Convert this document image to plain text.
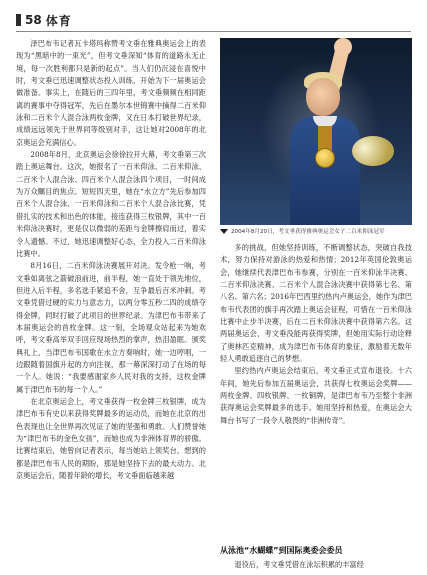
58 体育

泽巴布韦记者瓦卡塔玛称赞考文垂在雅典奥运会上的表现为“黑暗中的一束光”，但考文垂深知“体育的道路永无止境，每一次胜利都只是新的起点”。当人们仍沉浸在喜悦中时，考文垂已迅速调整状态投入训练，开始为下一届奥运会做准备。事实上，在随后的三四年里，考文垂频频在相同距离的赛事中夺得冠军，先后在墨尔本世锦赛中摘得二百米仰泳和二百米个人混合泳两枚金牌，又在日本打破世界纪录，成绩远远领先于世界同等级别对手，这让她对2008年的北京奥运会充满信心。

2008年8月，北京奥运会徐徐拉开大幕，考文垂第三次踏上奥运舞台。这次，她报名了一百米仰泳、二百米仰泳、二百米个人混合泳、四百米个人混合泳四个项目，一时间成为万众瞩目的焦点。短短四天里，她在“水立方”先后参加四百米个人混合泳、一百米仰泳和二百米个人混合泳比赛，凭借扎实的技术和出色的体能，接连获得三枚银牌，其中一百米仰泳决赛时，更是仅以微弱的差距与金牌擦肩而过，着实令人遗憾。不过，她迅速调整好心态，全力投入二百米仰泳比赛中。

8月16日，二百米仰泳决赛展开对决。发令枪一响，考文垂如离弦之箭破浪前进，前半程，她一直处于领先地位，但进入后半程，多名选手紧追不舍，互争最后百米冲刺。考文垂凭借过硬的实力与意志力，以两分零五秒二四的成绩夺得金牌，同时打破了此项目的世界纪录。为津巴布韦带来了本届奥运会的首枚金牌。这一刻，全场观众站起来为她欢呼，考文垂高举双手回应现场热烈的掌声，热泪盈眶。颁奖典礼上，当津巴布韦国歌在水立方奏响时，她一边哼唱，一边跟随着国旗升起的方向注视，那一幕深深打动了在场的每一个人。她说：“我要感谢家乡人民对我的支持，这枚金牌属于津巴布韦的每一个人。”

在北京奥运会上，考文垂获得一枚金牌三枚银牌，成为津巴布韦有史以来获得奖牌最多的运动员，而她在北京的出色表现也让全世界再次见证了她的坚强和勇敢。人们赞誉她为“津巴布韦的金色女孩”，而她也成为非洲体育界的骄傲。比赛结束后，她曾向记者表示，每当她站上领奖台，想到的都是津巴布韦人民的期盼，那是她坚持下去的最大动力。北京奥运会后，随着年龄的增长，考文垂面临越来越

2004年8月20日，考文垂获得雅典奥运会女子二百米仰泳冠军

多的挑战，但她坚持训练，不断调整状态，突破自我技术，努力保持对游泳的热爱和热情；2012年英国伦敦奥运会，她继续代表津巴布韦参赛，分别在一百米仰泳半决赛、二百米仰泳决赛、二百米个人混合泳决赛中获得第七名、第八名、第六名；2016年巴西里约热内卢奥运会，她作为津巴布韦代表团的旗手再次踏上奥运会征程，可惜在一百米仰泳比赛中止步半决赛，后在二百米仰泳决赛中获得第六名。这两届奥运会，考文垂没能再获得奖牌，但她用实际行动诠释了奥林匹克精神，成为津巴布韦体育的象征，激励着无数年轻人勇敢追逐自己的梦想。

里约热内卢奥运会结束后，考文垂正式宣布退役。十六年间，她先后参加五届奥运会，共获得七枚奥运会奖牌——两枚金牌、四枚银牌、一枚铜牌，是津巴布韦乃至整个非洲获得奥运会奖牌最多的选手。她用坚持和热爱，在奥运会大舞台书写了一段令人敬畏的“非洲传奇”。

从泳池“水蝴蝶”到国际奥委会委员
退役后，考文垂凭借在泳坛积累的丰富经
